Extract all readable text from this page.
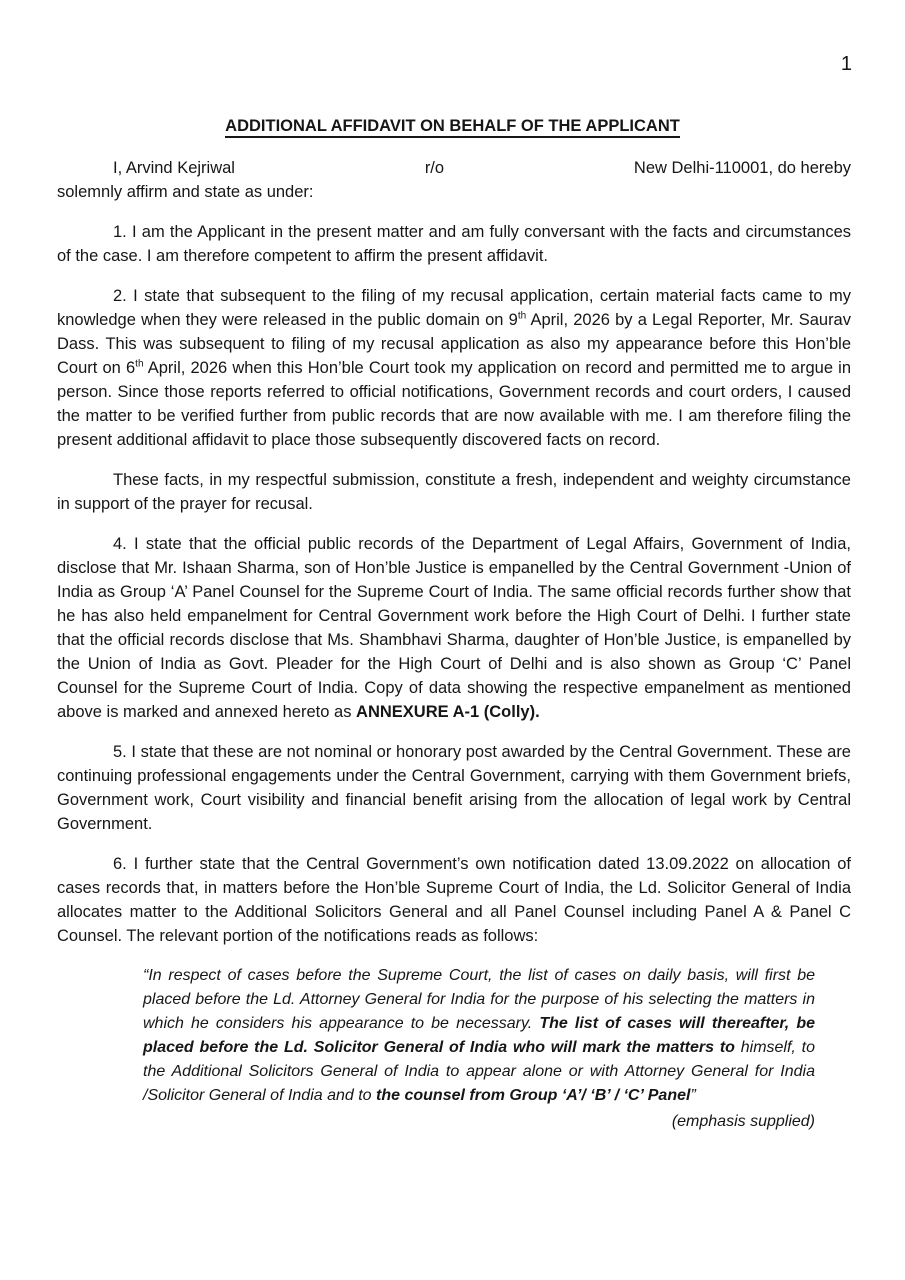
1
ADDITIONAL AFFIDAVIT ON BEHALF OF THE APPLICANT
I, Arvind Kejriwal	r/o	New Delhi-110001, do hereby

solemnly affirm and state as under:

1. I am the Applicant in the present matter and am fully conversant with the facts and circumstances of the case. I am therefore competent to affirm the present affidavit.

2. I state that subsequent to the filing of my recusal application, certain material facts came to my knowledge when they were released in the public domain on 9th April, 2026 by a Legal Reporter, Mr. Saurav Dass. This was subsequent to filing of my recusal application as also my appearance before this Hon’ble Court on 6th April, 2026 when this Hon’ble Court took my application on record and permitted me to argue in person. Since those reports referred to official notifications, Government records and court orders, I caused the matter to be verified further from public records that are now available with me. I am therefore filing the present additional affidavit to place those subsequently discovered facts on record.

These facts, in my respectful submission, constitute a fresh, independent and weighty circumstance in support of the prayer for recusal.

4. I state that the official public records of the Department of Legal Affairs, Government of India, disclose that Mr. Ishaan Sharma, son of Hon’ble Justice is empanelled by the Central Government -Union of India as Group ‘A’ Panel Counsel for the Supreme Court of India. The same official records further show that he has also held empanelment for Central Government work before the High Court of Delhi. I further state that the official records disclose that Ms. Shambhavi Sharma, daughter of Hon’ble Justice, is empanelled by the Union of India as Govt. Pleader for the High Court of Delhi and is also shown as Group ‘C’ Panel Counsel for the Supreme Court of India. Copy of data showing the respective empanelment as mentioned above is marked and annexed hereto as ANNEXURE A-1 (Colly).

5. I state that these are not nominal or honorary post awarded by the Central Government. These are continuing professional engagements under the Central Government, carrying with them Government briefs, Government work, Court visibility and financial benefit arising from the allocation of legal work by Central Government.

6. I further state that the Central Government’s own notification dated 13.09.2022 on allocation of cases records that, in matters before the Hon’ble Supreme Court of India, the Ld. Solicitor General of India allocates matter to the Additional Solicitors General and all Panel Counsel including Panel A & Panel C Counsel. The relevant portion of the notifications reads as follows:

“In respect of cases before the Supreme Court, the list of cases on daily basis, will first be placed before the Ld. Attorney General for India for the purpose of his selecting the matters in which he considers his appearance to be necessary. The list of cases will thereafter, be placed before the Ld. Solicitor General of India who will mark the matters to himself, to the Additional Solicitors General of India to appear alone or with Attorney General for India /Solicitor General of India and to the counsel from Group ‘A’/ ‘B’ / ‘C’ Panel”

(emphasis supplied)
